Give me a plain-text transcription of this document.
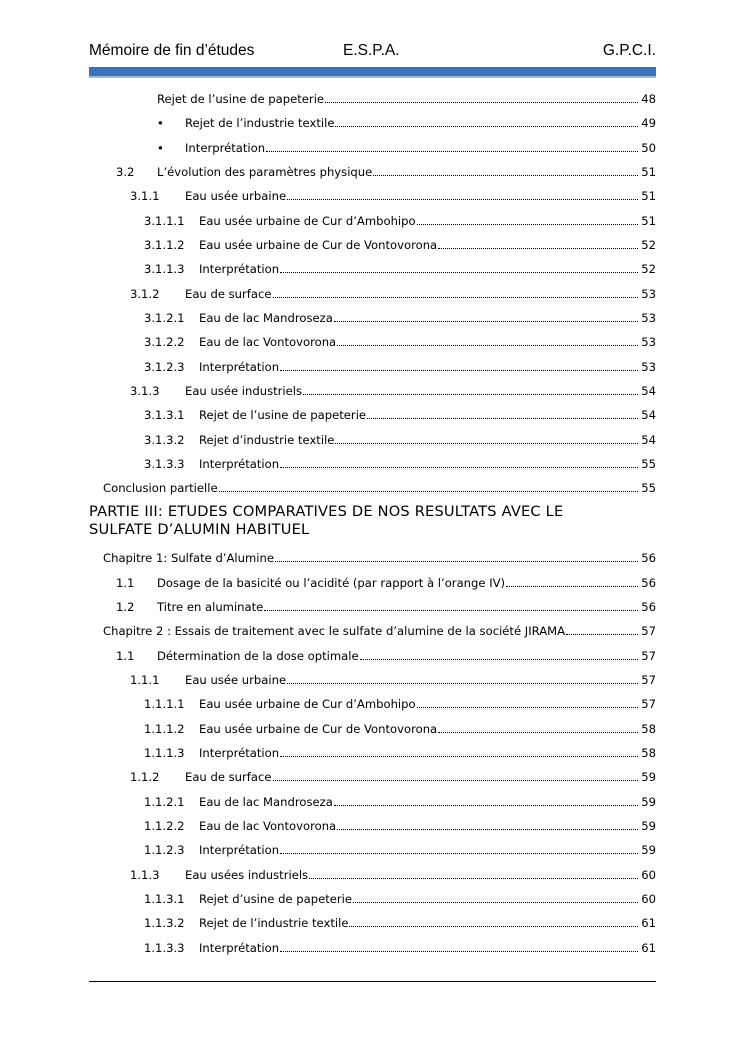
Mémoire de fin d’études	E.S.P.A.	G.P.C.I.
Rejet de l’usine de papeterie	48
•	Rejet de l’industrie textile	49
•	Interprétation	50
3.2	L’évolution des paramètres physique	51
3.1.1	Eau usée urbaine	51
3.1.1.1	Eau usée urbaine de Cur d’Ambohipo	51
3.1.1.2	Eau usée urbaine de Cur de Vontovorona	52
3.1.1.3	Interprétation	52
3.1.2	Eau de surface	53
3.1.2.1	Eau de lac Mandroseza	53
3.1.2.2	Eau de lac Vontovorona	53
3.1.2.3	Interprétation	53
3.1.3	Eau usée industriels	54
3.1.3.1	Rejet de l’usine de papeterie	54
3.1.3.2	Rejet d’industrie textile	54
3.1.3.3	Interprétation	55
Conclusion partielle	55
PARTIE III: ETUDES COMPARATIVES DE NOS RESULTATS AVEC LE
SULFATE D’ALUMIN HABITUEL
Chapitre 1: Sulfate d’Alumine	56
1.1	Dosage de la basicité ou l’acidité (par rapport à l’orange IV)	56
1.2	Titre en aluminate	56
Chapitre 2 : Essais de traitement avec le sulfate d’alumine de la société JIRAMA	57
1.1	Détermination de la dose optimale	57
1.1.1	Eau usée urbaine	57
1.1.1.1	Eau usée urbaine de Cur d’Ambohipo	57
1.1.1.2	Eau usée urbaine de Cur de Vontovorona	58
1.1.1.3	Interprétation	58
1.1.2	Eau de surface	59
1.1.2.1	Eau de lac Mandroseza	59
1.1.2.2	Eau de lac Vontovorona	59
1.1.2.3	Interprétation	59
1.1.3	Eau usées industriels	60
1.1.3.1	Rejet d’usine de papeterie	60
1.1.3.2	Rejet de l’industrie textile	61
1.1.3.3	Interprétation	61
